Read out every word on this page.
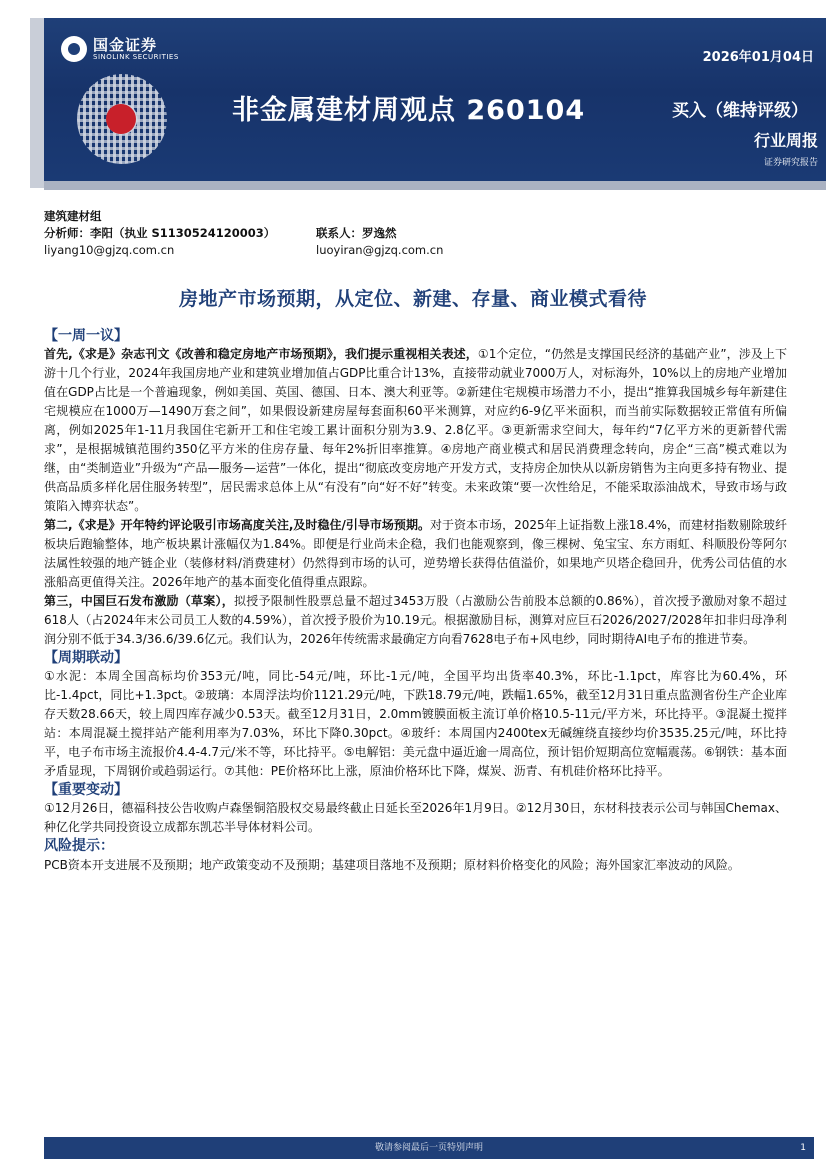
国金证券
SINOLINK SECURITIES	2026年01月04日
非金属建材周观点 260104	买入（维持评级）
行业周报
证券研究报告
建筑建材组
分析师：李阳（执业 S1130524120003）	联系人：罗逸然
liyang10@gjzq.com.cn	luoyiran@gjzq.com.cn
房地产市场预期，从定位、新建、存量、商业模式看待

【一周一议】

首先,《求是》杂志刊文《改善和稳定房地产市场预期》，我们提示重视相关表述，①1个定位，“仍然是支撑国民经济的基础产业”，涉及上下游十几个行业，2024年我国房地产业和建筑业增加值占GDP比重合计13%，直接带动就业7000万人，对标海外，10%以上的房地产业增加值在GDP占比是一个普遍现象，例如美国、英国、德国、日本、澳大利亚等。②新建住宅规模市场潜力不小，提出“推算我国城乡每年新建住宅规模应在1000万—1490万套之间”，如果假设新建房屋每套面积60平米测算，对应约6-9亿平米面积，而当前实际数据较正常值有所偏离，例如2025年1-11月我国住宅新开工和住宅竣工累计面积分别为3.9、2.8亿平。③更新需求空间大，每年约“7亿平方米的更新替代需求”，是根据城镇范围约350亿平方米的住房存量、每年2%折旧率推算。④房地产商业模式和居民消费理念转向，房企“三高”模式难以为继，由“类制造业”升级为“产品—服务—运营”一体化，提出“彻底改变房地产开发方式，支持房企加快从以新房销售为主向更多持有物业、提供高品质多样化居住服务转型”，居民需求总体上从“有没有”向“好不好”转变。未来政策“要一次性给足，不能采取添油战术，导致市场与政策陷入博弈状态”。

第二,《求是》开年特约评论吸引市场高度关注,及时稳住/引导市场预期。对于资本市场，2025年上证指数上涨18.4%，而建材指数剔除玻纤板块后跑输整体，地产板块累计涨幅仅为1.84%。即便是行业尚未企稳，我们也能观察到，像三棵树、兔宝宝、东方雨虹、科顺股份等阿尔法属性较强的地产链企业（装修材料/消费建材）仍然得到市场的认可，逆势增长获得估值溢价，如果地产贝塔企稳回升，优秀公司估值的水涨船高更值得关注。2026年地产的基本面变化值得重点跟踪。

第三，中国巨石发布激励（草案），拟授予限制性股票总量不超过3453万股（占激励公告前股本总额的0.86%），首次授予激励对象不超过618人（占2024年末公司员工人数的4.59%），首次授予股价为10.19元。根据激励目标，测算对应巨石2026/2027/2028年扣非归母净利润分别不低于34.3/36.6/39.6亿元。我们认为，2026年传统需求最确定方向看7628电子布+风电纱，同时期待AI电子布的推进节奏。

【周期联动】

①水泥：本周全国高标均价353元/吨，同比-54元/吨，环比-1元/吨，全国平均出货率40.3%，环比-1.1pct，库容比为60.4%，环比-1.4pct，同比+1.3pct。②玻璃：本周浮法均价1121.29元/吨，下跌18.79元/吨，跌幅1.65%，截至12月31日重点监测省份生产企业库存天数28.66天，较上周四库存减少0.53天。截至12月31日，2.0mm镀膜面板主流订单价格10.5-11元/平方米，环比持平。③混凝土搅拌站：本周混凝土搅拌站产能利用率为7.03%，环比下降0.30pct。④玻纤：本周国内2400tex无碱缠绕直接纱均价3535.25元/吨，环比持平，电子布市场主流报价4.4-4.7元/米不等，环比持平。⑤电解铝：美元盘中逼近逾一周高位，预计铝价短期高位宽幅震荡。⑥钢铁：基本面矛盾显现，下周钢价或趋弱运行。⑦其他：PE价格环比上涨，原油价格环比下降，煤炭、沥青、有机硅价格环比持平。

【重要变动】

①12月26日，德福科技公告收购卢森堡铜箔股权交易最终截止日延长至2026年1月9日。②12月30日，东材科技表示公司与韩国Chemax、种亿化学共同投资设立成都东凯芯半导体材料公司。

风险提示：

PCB资本开支进展不及预期；地产政策变动不及预期；基建项目落地不及预期；原材料价格变化的风险；海外国家汇率波动的风险。

敬请参阅最后一页特别声明	1
